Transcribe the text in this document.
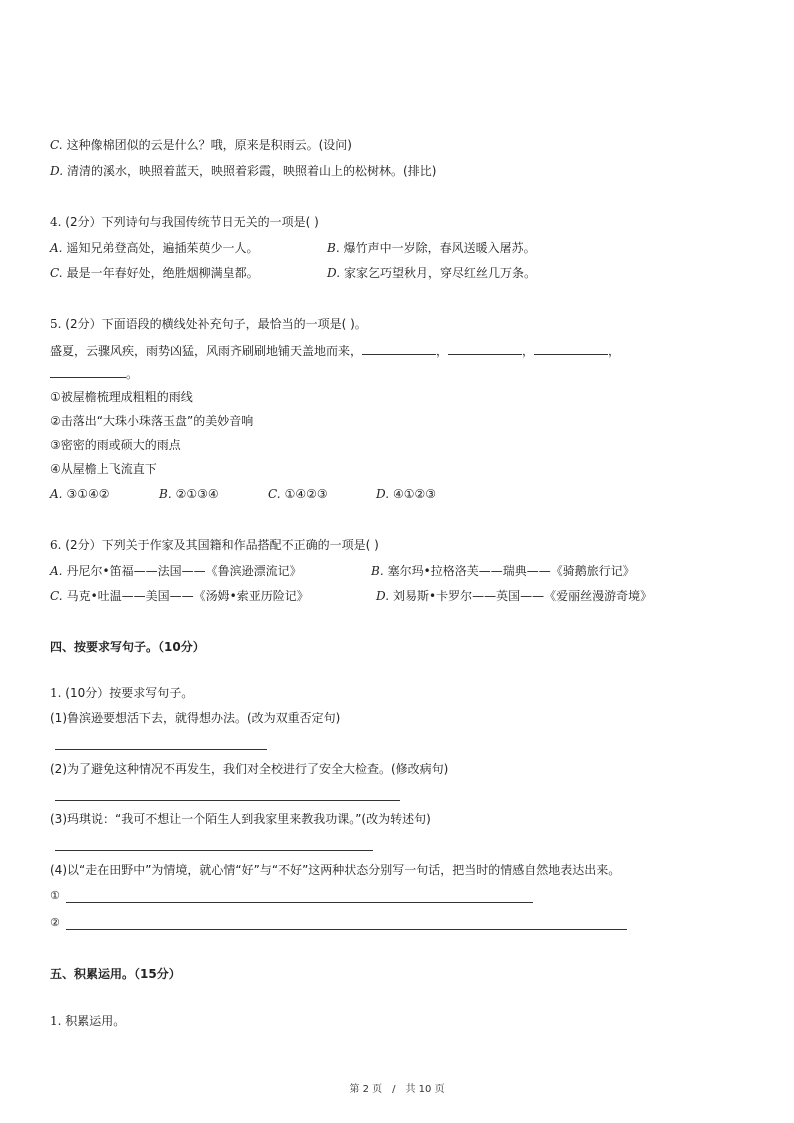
C. 这种像棉团似的云是什么？哦，原来是积雨云。(设问)
D. 清清的溪水，映照着蓝天，映照着彩霞，映照着山上的松树林。(排比)
4. (2分）下列诗句与我国传统节日无关的一项是( )
A. 遥知兄弟登高处，遍插茱萸少一人。	B. 爆竹声中一岁除，春风送暖入屠苏。
C. 最是一年春好处，绝胜烟柳满皇都。	D. 家家乞巧望秋月，穿尽红丝几万条。
5. (2分）下面语段的横线处补充句子，最恰当的一项是( )。
盛夏，云骤风疾，雨势凶猛，风雨齐刷刷地铺天盖地而来，	，	，	，
。
①被屋檐梳理成粗粗的雨线
②击落出“大珠小珠落玉盘”的美妙音响
③密密的雨或硕大的雨点
④从屋檐上飞流直下
A. ③①④②	B. ②①③④	C. ①④②③	D. ④①②③
6. (2分）下列关于作家及其国籍和作品搭配不正确的一项是( )
A. 丹尼尔•笛福——法国——《鲁滨逊漂流记》	B. 塞尔玛•拉格洛芙——瑞典——《骑鹅旅行记》
C. 马克•吐温——美国——《汤姆•索亚历险记》	D. 刘易斯•卡罗尔——英国——《爱丽丝漫游奇境》
四、按要求写句子。（10分）
1. (10分）按要求写句子。
(1)鲁滨逊要想活下去，就得想办法。(改为双重否定句)
(2)为了避免这种情况不再发生，我们对全校进行了安全大检查。(修改病句)
(3)玛琪说：“我可不想让一个陌生人到我家里来教我功课。”(改为转述句)
(4)以“走在田野中”为情境，就心情“好”与“不好”这两种状态分别写一句话，把当时的情感自然地表达出来。
①
②
五、积累运用。（15分）
1. 积累运用。
第 2 页　/　共 10 页
